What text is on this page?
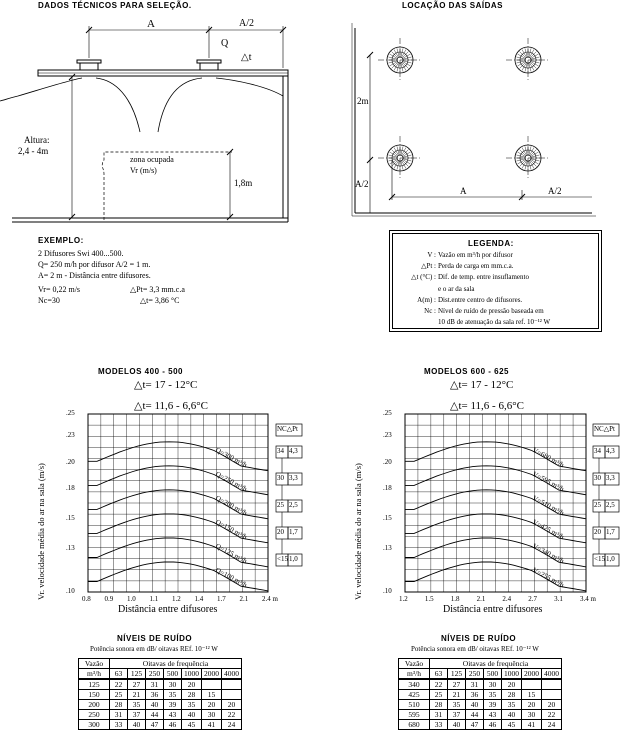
DADOS TÉCNICOS PARA SELEÇÃO.	LOCAÇÃO DAS SAÍDAS
A	A/2
Q
△t
Altura:
2,4 - 4m
zona ocupada
Vr (m/s)
1,8m
2m
A/2
A	A/2
EXEMPLO:
2 Difusores Swi 400...500.
Q= 250 m/h por difusor A/2 = 1 m.
A= 2 m - Distância entre difusores.
Vr= 0,22 m/s	△Pt= 3,3 mm.c.a
Nc=30	△t= 3,86 °C
LEGENDA:
V : Vazão em m³/h por difusor
△Pt : Perda de carga em mm.c.a.
△t (°C) : Dif. de temp. entre insuflamento
e o ar da sala
A(m) : Dist.entre centro de difusores.
Nc : Nível de ruído de pressão baseada em
10 dB de atenuação da sala ref. 10⁻¹² W
MODELOS 400 - 500
△t= 17 - 12°C
△t= 11,6 - 6,6°C
MODELOS 600 - 625
△t= 17 - 12°C
△t= 11,6 - 6,6°C
Vr. velocidade média do ar na sala (m/s)	Vr. velocidade média do ar na sala (m/s)
Distância entre difusores	Distância entre difusores
.25
.23
.20
.18
.15
.13
.10
0.8 0.9 1.0 1.1 1.2 1.4 1.7 2.1 2.4 m
Q=300 m³/h
Q=250 m³/h
Q=200 m³/h
Q=150 m³/h
Q=125 m³/h
Q=100 m³/h
NC△Pt
34 4,3
30 3,3
25 2,5
20 1,7
<15 1,0
.25
.23
.20
.18
.15
.13
.10
1.2 1.5 1.8 2.1 2.4 2.7 3.1 3.4 m
V=680 m³/h
V=595 m³/h
V=510 m³/h
V=425 m³/h
V=340 m³/h
V=255 m³/h
NC△Pt
34 4,3
30 3,3
25 2,5
20 1,7
<15 1,0
NÍVEIS DE RUÍDO
Potência sonora em dB/ oitavas REf. 10⁻¹² W
Vazão	Oitavas de frequência						
m³/h	63	125	250	500	1000	2000	4000
125	22	27	31	30	20		
150	25	21	36	35	28	15	
200	28	35	40	39	35	20	20
250	31	37	44	43	40	30	22
300	33	40	47	46	45	41	24
NÍVEIS DE RUÍDO
Potência sonora em dB/ oitavas REf. 10⁻¹² W
Vazão	Oitavas de frequência						
m³/h	63	125	250	500	1000	2000	4000
340	22	27	31	30	20		
425	25	21	36	35	28	15	
510	28	35	40	39	35	20	20
595	31	37	44	43	40	30	22
680	33	40	47	46	45	41	24
